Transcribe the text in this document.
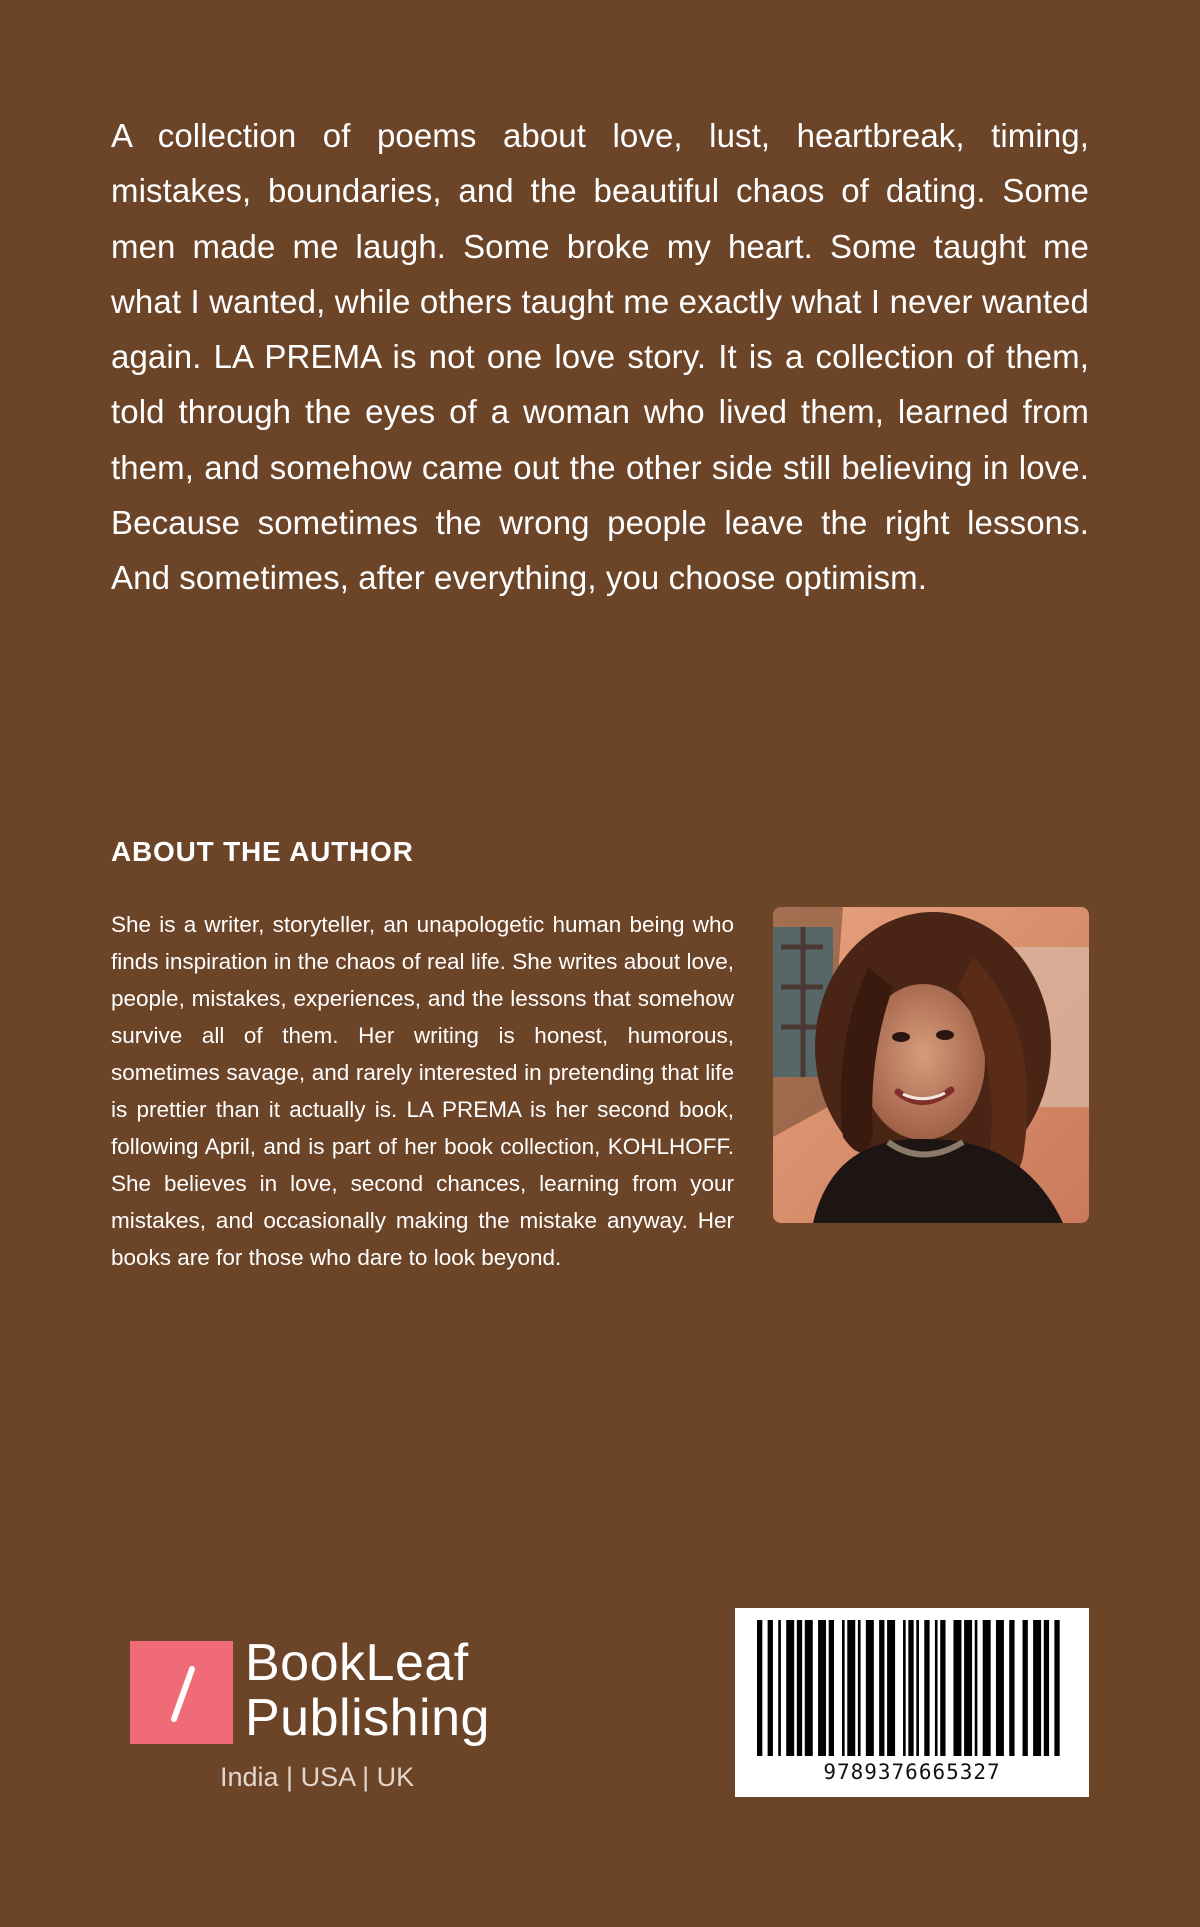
A collection of poems about love, lust, heartbreak, timing, mistakes, boundaries, and the beautiful chaos of dating. Some men made me laugh. Some broke my heart. Some taught me what I wanted, while others taught me exactly what I never wanted again. LA PREMA is not one love story. It is a collection of them, told through the eyes of a woman who lived them, learned from them, and somehow came out the other side still believing in love. Because sometimes the wrong people leave the right lessons. And sometimes, after everything, you choose optimism.

ABOUT THE AUTHOR

She is a writer, storyteller, an unapologetic human being who finds inspiration in the chaos of real life. She writes about love, people, mistakes, experiences, and the lessons that somehow survive all of them. Her writing is honest, humorous, sometimes savage, and rarely interested in pretending that life is prettier than it actually is. LA PREMA is her second book, following April, and is part of her book collection, KOHLHOFF. She believes in love, second chances, learning from your mistakes, and occasionally making the mistake anyway. Her books are for those who dare to look beyond.

BookLeaf
Publishing
India | USA | UK	9789376665327
